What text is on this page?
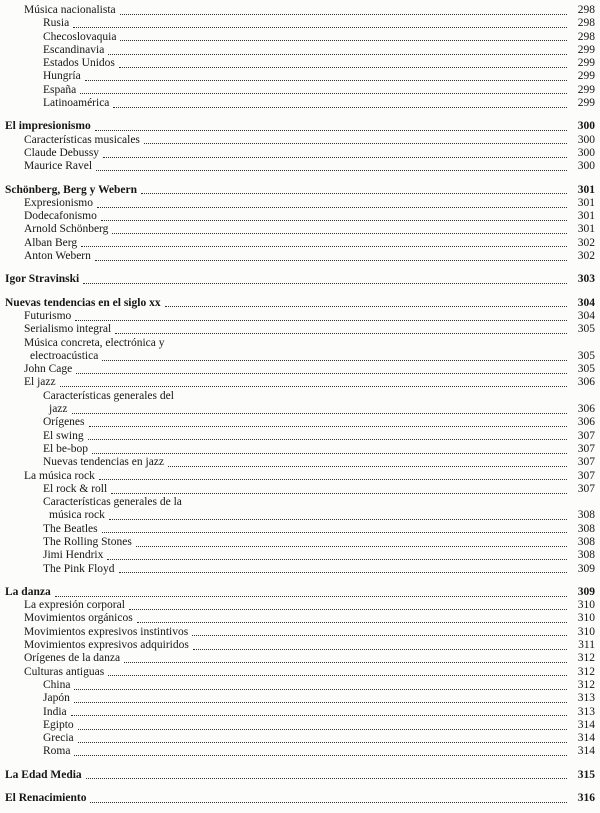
Música nacionalista	298
Rusia	298
Checoslovaquia	298
Escandinavia	299
Estados Unidos	299
Hungría	299
España	299
Latinoamérica	299
El impresionismo	300
Características musicales	300
Claude Debussy	300
Maurice Ravel	300
Schönberg, Berg y Webern	301
Expresionismo	301
Dodecafonismo	301
Arnold Schönberg	301
Alban Berg	302
Anton Webern	302
Igor Stravinski	303
Nuevas tendencias en el siglo xx	304
Futurismo	304
Serialismo integral	305
Música concreta, electrónica y
electroacústica	305
John Cage	305
El jazz	306
Características generales del
jazz	306
Orígenes	306
El swing	307
El be-bop	307
Nuevas tendencias en jazz	307
La música rock	307
El rock & roll	307
Características generales de la
música rock	308
The Beatles	308
The Rolling Stones	308
Jimi Hendrix	308
The Pink Floyd	309
La danza	309
La expresión corporal	310
Movimientos orgánicos	310
Movimientos expresivos instintivos	310
Movimientos expresivos adquiridos	311
Orígenes de la danza	312
Culturas antiguas	312
China	312
Japón	313
India	313
Egipto	314
Grecia	314
Roma	314
La Edad Media	315
El Renacimiento	316
